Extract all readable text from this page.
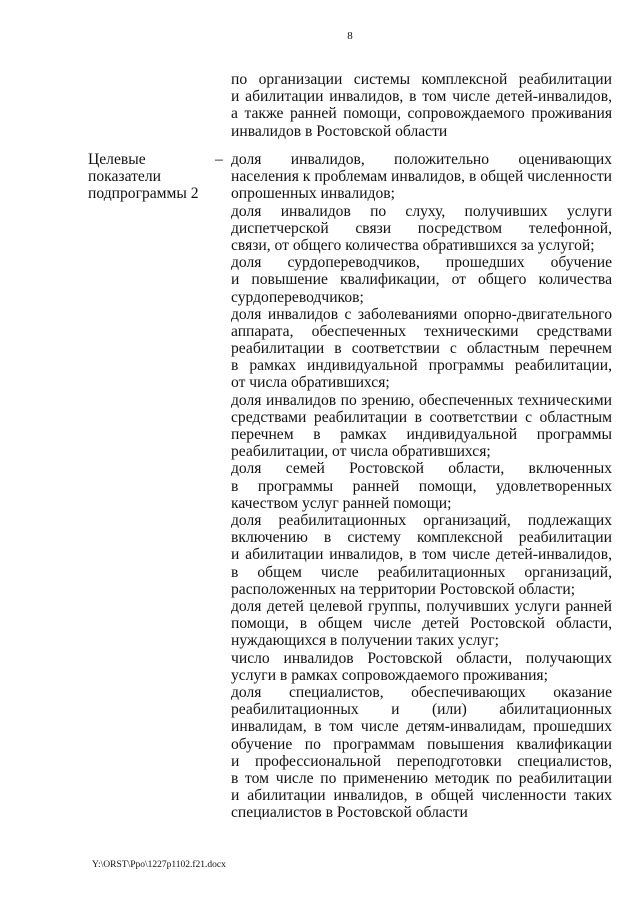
8
по организации системы комплексной реабилитации
и абилитации инвалидов, в том числе детей-инвалидов,
а также ранней помощи, сопровождаемого проживания
инвалидов в Ростовской области
Целевые
показатели
подпрограммы 2
– доля инвалидов, положительно оценивающих
населения к проблемам инвалидов, в общей численности
опрошенных инвалидов;
доля инвалидов по слуху, получивших услуги
диспетчерской связи посредством телефонной,
связи, от общего количества обратившихся за услугой;
доля сурдопереводчиков, прошедших обучение
и повышение квалификации, от общего количества
сурдопереводчиков;
доля инвалидов с заболеваниями опорно-двигательного
аппарата, обеспеченных техническими средствами
реабилитации в соответствии с областным перечнем
в рамках индивидуальной программы реабилитации,
от числа обратившихся;
доля инвалидов по зрению, обеспеченных техническими
средствами реабилитации в соответствии с областным
перечнем в рамках индивидуальной программы
реабилитации, от числа обратившихся;
доля семей Ростовской области, включенных
в программы ранней помощи, удовлетворенных
качеством услуг ранней помощи;
доля реабилитационных организаций, подлежащих
включению в систему комплексной реабилитации
и абилитации инвалидов, в том числе детей-инвалидов,
в общем числе реабилитационных организаций,
расположенных на территории Ростовской области;
доля детей целевой группы, получивших услуги ранней
помощи, в общем числе детей Ростовской области,
нуждающихся в получении таких услуг;
число инвалидов Ростовской области, получающих
услуги в рамках сопровождаемого проживания;
доля специалистов, обеспечивающих оказание
реабилитационных и (или) абилитационных
инвалидам, в том числе детям-инвалидам, прошедших
обучение по программам повышения квалификации
и профессиональной переподготовки специалистов,
в том числе по применению методик по реабилитации
и абилитации инвалидов, в общей численности таких
специалистов в Ростовской области
Y:\ORST\Ppo\1227p1102.f21.docx
